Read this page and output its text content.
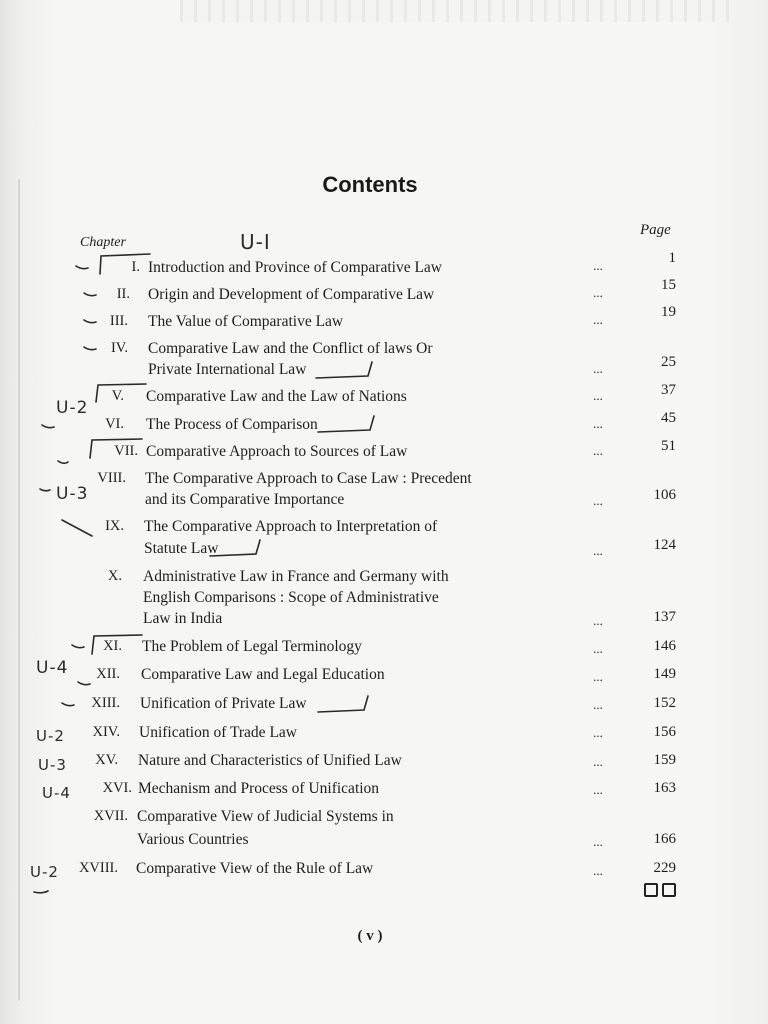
Contents
Chapter
Page
I. Introduction and Province of Comparative Law	...	1
II. Origin and Development of Comparative Law	...	15
III. The Value of Comparative Law	...	19
IV. Comparative Law and the Conflict of laws Or
Private International Law	...	25
V. Comparative Law and the Law of Nations	...	37
VI. The Process of Comparison	...	45
VII. Comparative Approach to Sources of Law	...	51
VIII. The Comparative Approach to Case Law : Precedent
and its Comparative Importance	...	106
IX. The Comparative Approach to Interpretation of
Statute Law	...	124
X. Administrative Law in France and Germany with
English Comparisons : Scope of Administrative
Law in India	...	137
XI. The Problem of Legal Terminology	...	146
XII. Comparative Law and Legal Education	...	149
XIII. Unification of Private Law	...	152
XIV. Unification of Trade Law	...	156
XV. Nature and Characteristics of Unified Law	...	159
XVI. Mechanism and Process of Unification	...	163
XVII. Comparative View of Judicial Systems in
Various Countries	...	166
XVIII. Comparative View of the Rule of Law	...	229
U-I
U-2
U-3
U-4
U-2
U-3
U-4
U-2
( v )
